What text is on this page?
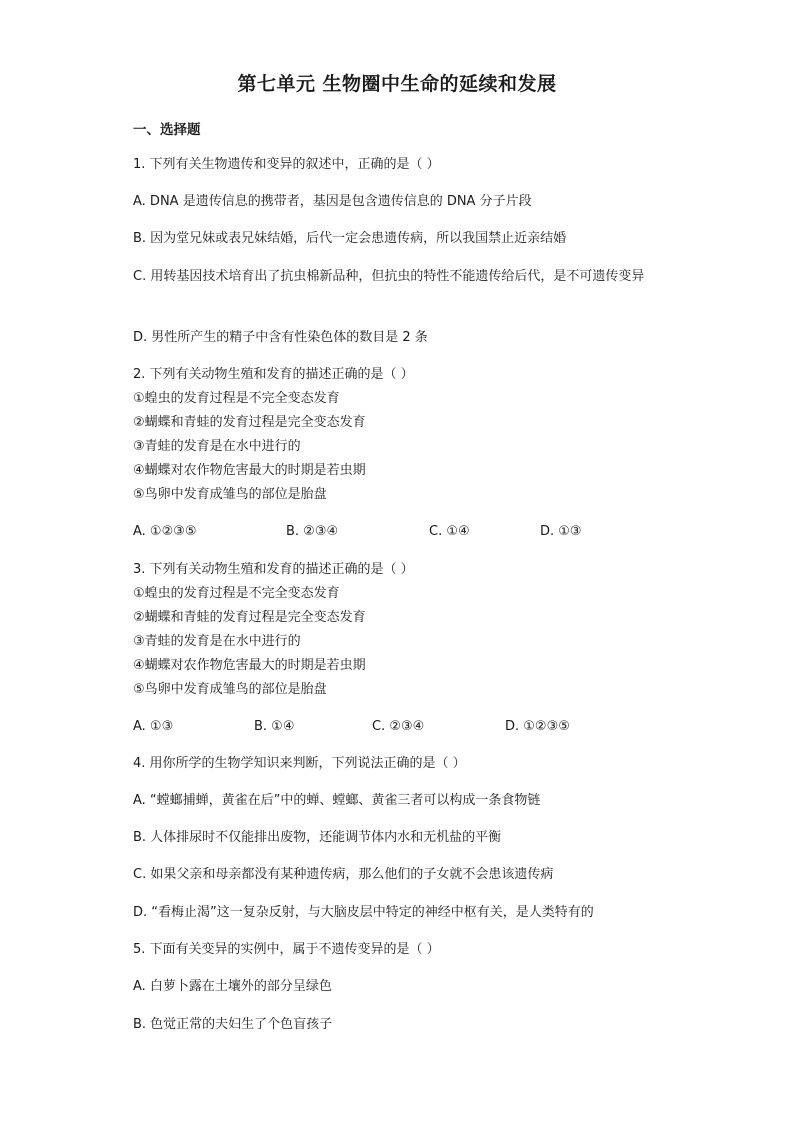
第七单元 生物圈中生命的延续和发展
一、选择题
1. 下列有关生物遗传和变异的叙述中，正确的是（ ）
A. DNA 是遗传信息的携带者，基因是包含遗传信息的 DNA 分子片段
B. 因为堂兄妹或表兄妹结婚，后代一定会患遗传病，所以我国禁止近亲结婚
C. 用转基因技术培育出了抗虫棉新品种，但抗虫的特性不能遗传给后代，是不可遗传变异
D. 男性所产生的精子中含有性染色体的数目是 2 条
2. 下列有关动物生殖和发育的描述正确的是（ ）
①蝗虫的发育过程是不完全变态发育
②蝴蝶和青蛙的发育过程是完全变态发育
③青蛙的发育是在水中进行的
④蝴蝶对农作物危害最大的时期是若虫期
⑤鸟卵中发育成雏鸟的部位是胎盘
A. ①②③⑤	B. ②③④	C. ①④	D. ①③
3. 下列有关动物生殖和发育的描述正确的是（ ）
①蝗虫的发育过程是不完全变态发育
②蝴蝶和青蛙的发育过程是完全变态发育
③青蛙的发育是在水中进行的
④蝴蝶对农作物危害最大的时期是若虫期
⑤鸟卵中发育成雏鸟的部位是胎盘
A. ①③	B. ①④	C. ②③④	D. ①②③⑤
4. 用你所学的生物学知识来判断，下列说法正确的是（ ）
A. “螳螂捕蝉，黄雀在后”中的蝉、螳螂、黄雀三者可以构成一条食物链
B. 人体排尿时不仅能排出废物，还能调节体内水和无机盐的平衡
C. 如果父亲和母亲都没有某种遗传病，那么他们的子女就不会患该遗传病
D. “看梅止渴”这一复杂反射，与大脑皮层中特定的神经中枢有关，是人类特有的
5. 下面有关变异的实例中，属于不遗传变异的是（ ）
A. 白萝卜露在土壤外的部分呈绿色
B. 色觉正常的夫妇生了个色盲孩子
